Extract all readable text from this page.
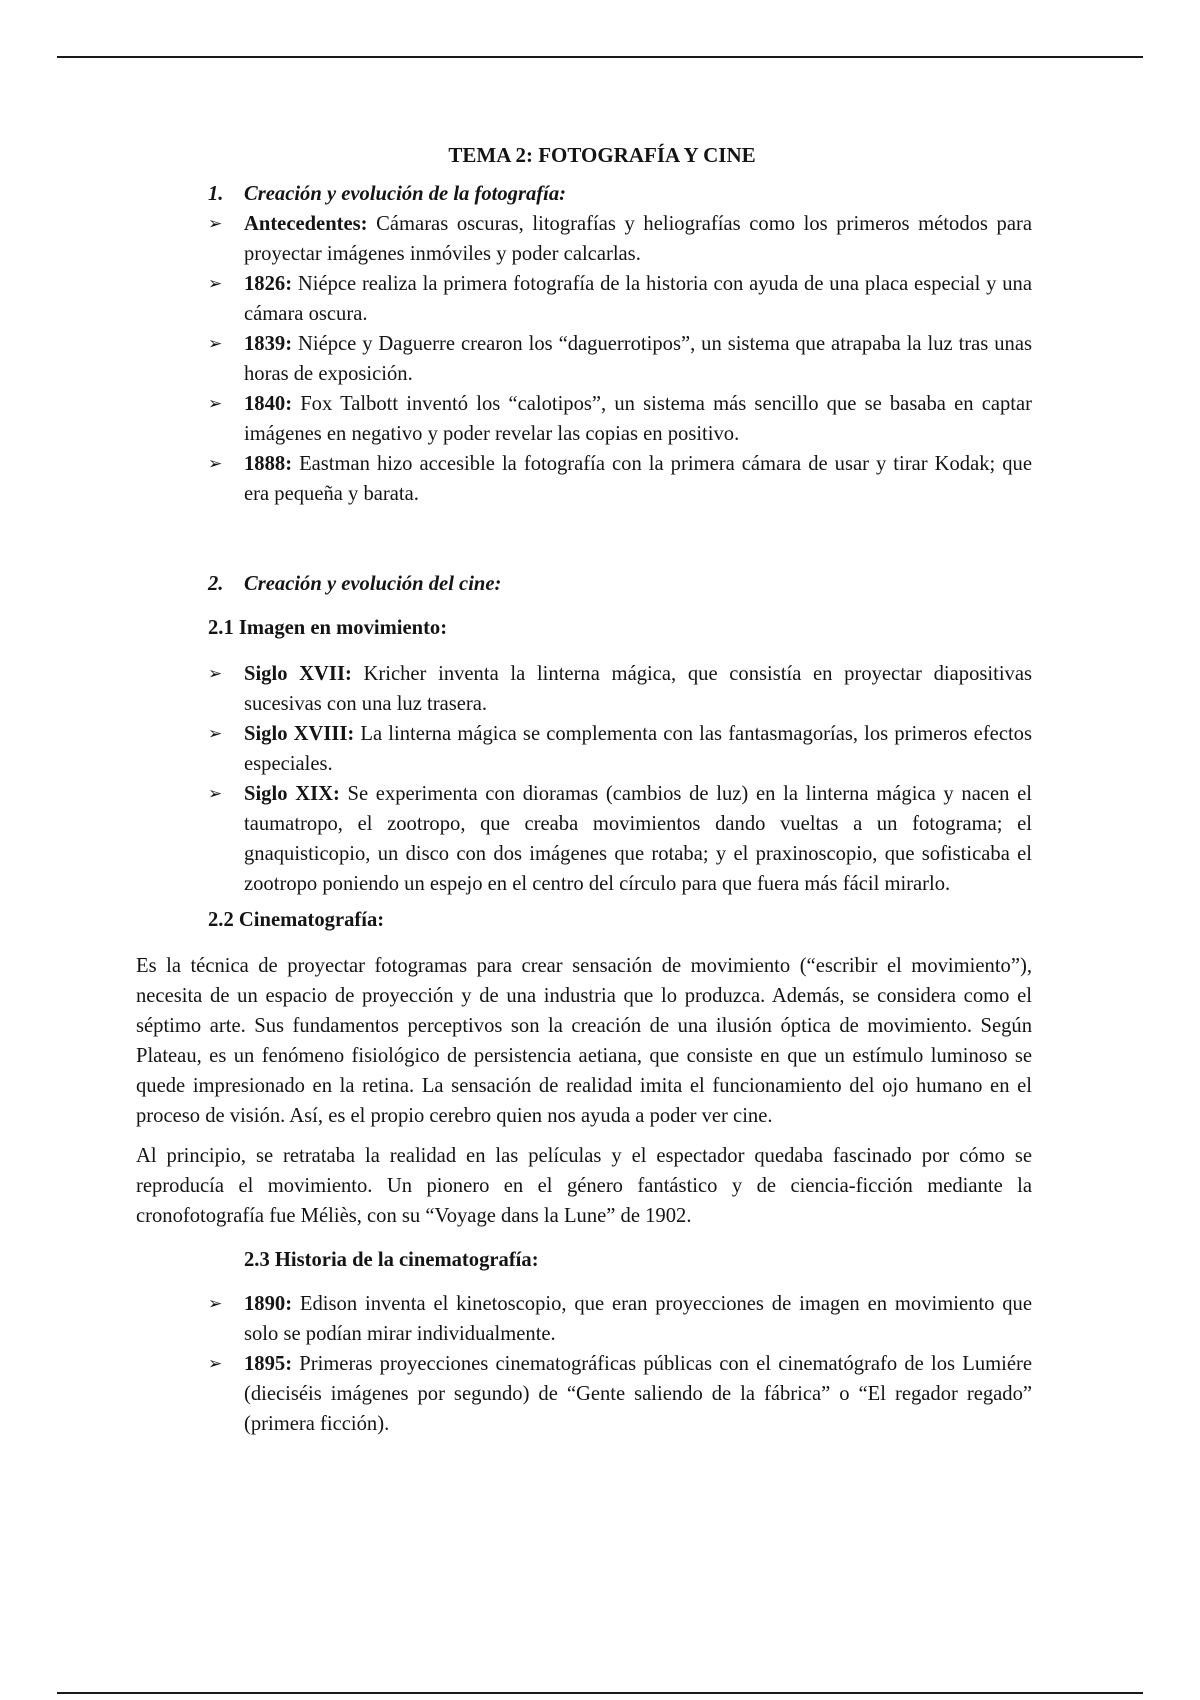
TEMA 2: FOTOGRAFÍA Y CINE
1. Creación y evolución de la fotografía:
➢	Antecedentes: Cámaras oscuras, litografías y heliografías como los primeros métodos para proyectar imágenes inmóviles y poder calcarlas.
➢	1826: Niépce realiza la primera fotografía de la historia con ayuda de una placa especial y una cámara oscura.
➢	1839: Niépce y Daguerre crearon los “daguerrotipos”, un sistema que atrapaba la luz tras unas horas de exposición.
➢	1840: Fox Talbott inventó los “calotipos”, un sistema más sencillo que se basaba en captar imágenes en negativo y poder revelar las copias en positivo.
➢	1888: Eastman hizo accesible la fotografía con la primera cámara de usar y tirar Kodak; que era pequeña y barata.
2. Creación y evolución del cine:
2.1 Imagen en movimiento:
➢	Siglo XVII: Kricher inventa la linterna mágica, que consistía en proyectar diapositivas sucesivas con una luz trasera.
➢	Siglo XVIII: La linterna mágica se complementa con las fantasmagorías, los primeros efectos especiales.
➢	Siglo XIX: Se experimenta con dioramas (cambios de luz) en la linterna mágica y nacen el taumatropo, el zootropo, que creaba movimientos dando vueltas a un fotograma; el gnaquisticopio, un disco con dos imágenes que rotaba; y el praxinoscopio, que sofisticaba el zootropo poniendo un espejo en el centro del círculo para que fuera más fácil mirarlo.
2.2 Cinematografía:

Es la técnica de proyectar fotogramas para crear sensación de movimiento (“escribir el movimiento”), necesita de un espacio de proyección y de una industria que lo produzca. Además, se considera como el séptimo arte. Sus fundamentos perceptivos son la creación de una ilusión óptica de movimiento. Según Plateau, es un fenómeno fisiológico de persistencia aetiana, que consiste en que un estímulo luminoso se quede impresionado en la retina. La sensación de realidad imita el funcionamiento del ojo humano en el proceso de visión. Así, es el propio cerebro quien nos ayuda a poder ver cine.

Al principio, se retrataba la realidad en las películas y el espectador quedaba fascinado por cómo se reproducía el movimiento. Un pionero en el género fantástico y de ciencia-ficción mediante la cronofotografía fue Méliès, con su “Voyage dans la Lune” de 1902.

2.3 Historia de la cinematografía:
➢	1890: Edison inventa el kinetoscopio, que eran proyecciones de imagen en movimiento que solo se podían mirar individualmente.
➢	1895: Primeras proyecciones cinematográficas públicas con el cinematógrafo de los Lumiére (dieciséis imágenes por segundo) de “Gente saliendo de la fábrica” o “El regador regado” (primera ficción).
